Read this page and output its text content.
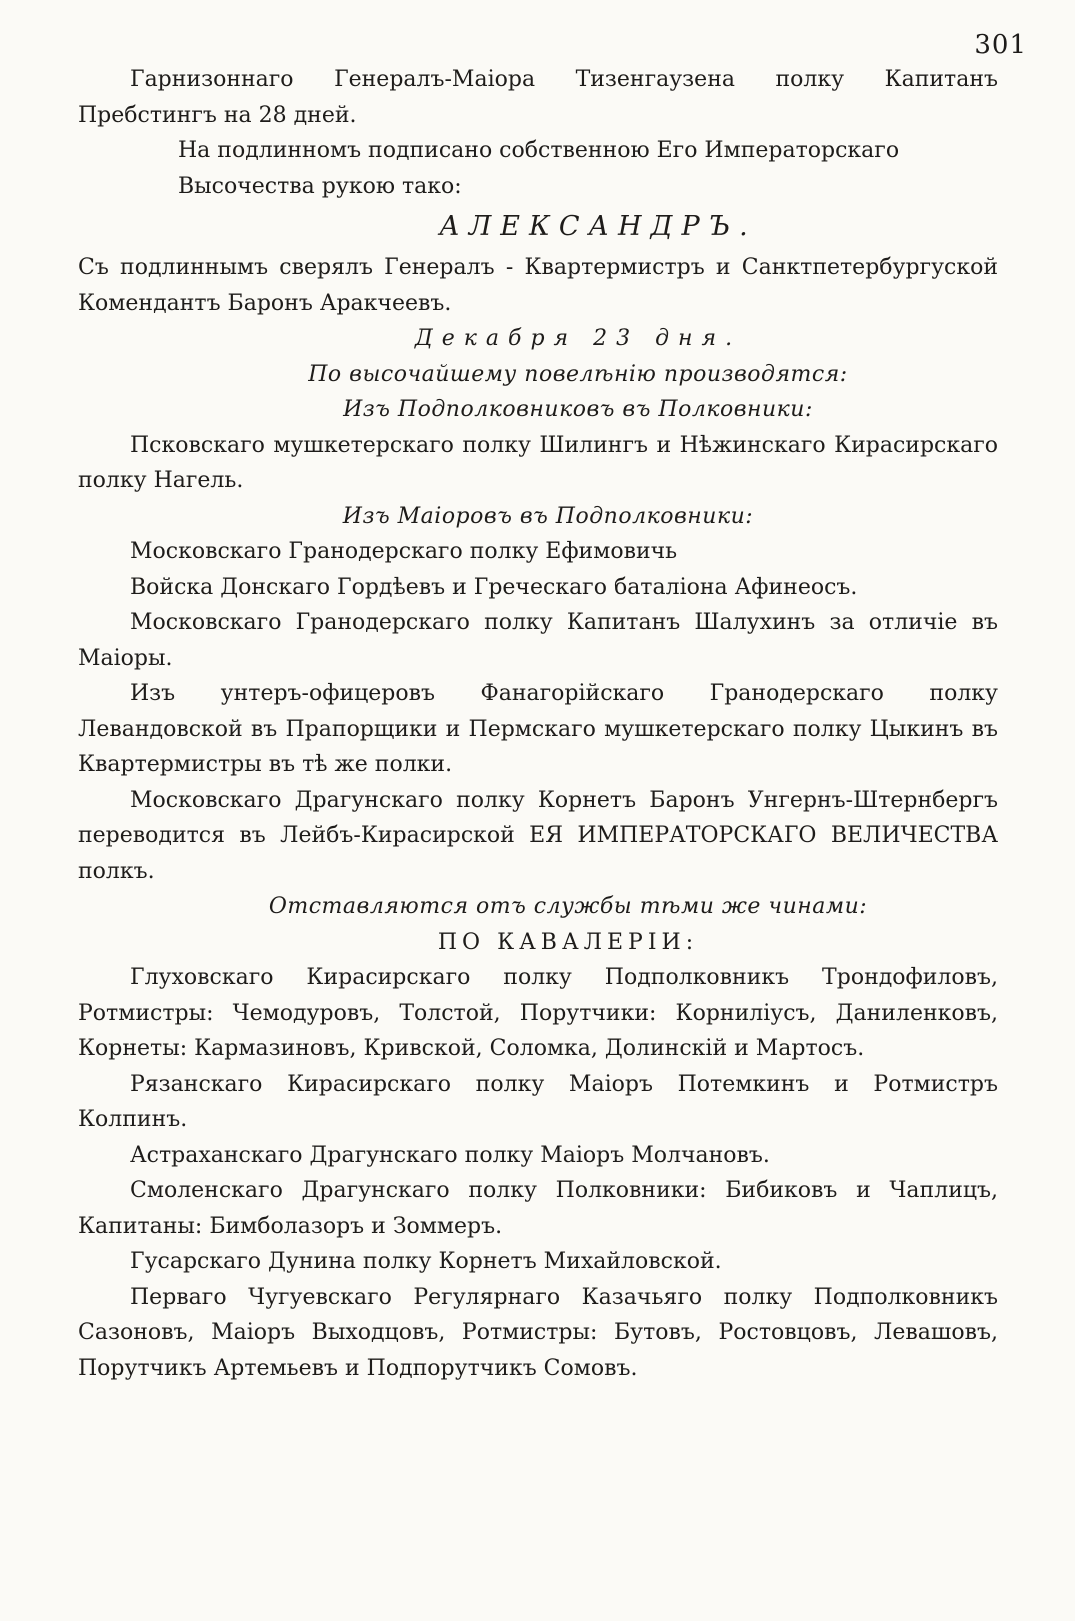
301

Гарнизоннаго Генералъ-Маiора Тизенгаузена полку Капитанъ Пребстингъ на 28 дней.

На подлинномъ подписано собственною Его Императорскаго Высочества рукою тако:

АЛЕКСАНДРЪ.

Съ подлиннымъ сверялъ Генералъ - Квартермистръ и Санктпетербургуской Комендантъ Баронъ Аракчеевъ.

Декабря 23 дня.

По высочайшему повелѣнiю производятся:

Изъ Подполковниковъ въ Полковники:

Псковскаго мушкетерскаго полку Шилингъ и Нѣжинскаго Кирасирскаго полку Нагель.

Изъ Маiоровъ въ Подполковники:

Московскаго Гранодерскаго полку Ефимовичь

Войска Донскаго Гордѣевъ и Греческаго баталiона Афинеосъ.

Московскаго Гранодерскаго полку Капитанъ Шалухинъ за отличiе въ Маiоры.

Изъ унтеръ-офицеровъ Фанагорiйскаго Гранодерскаго полку Левандовской въ Прапорщики и Пермскаго мушкетерскаго полку Цыкинъ въ Квартермистры въ тѣ же полки.

Московскаго Драгунскаго полку Корнетъ Баронъ Унгернъ-Штернбергъ переводится въ Лейбъ-Кирасирской ЕЯ ИМПЕРАТОРСКАГО ВЕЛИЧЕСТВА полкъ.

Отставляются отъ службы тѣми же чинами:

ПО КАВАЛЕРIИ:

Глуховскаго Кирасирскаго полку Подполковникъ Трондофиловъ, Ротмистры: Чемодуровъ, Толстой, Порутчики: Корнилiусъ, Даниленковъ, Корнеты: Кармазиновъ, Кривской, Соломка, Долинскiй и Мартосъ.

Рязанскаго Кирасирскаго полку Маiоръ Потемкинъ и Ротмистръ Колпинъ.

Астраханскаго Драгунскаго полку Маiоръ Молчановъ.

Смоленскаго Драгунскаго полку Полковники: Бибиковъ и Чаплицъ, Капитаны: Бимболазоръ и Зоммеръ.

Гусарскаго Дунина полку Корнетъ Михайловской.

Перваго Чугуевскаго Регулярнаго Казачьяго полку Подполковникъ Сазоновъ, Маiоръ Выходцовъ, Ротмистры: Бутовъ, Ростовцовъ, Левашовъ, Порутчикъ Артемьевъ и Подпорутчикъ Сомовъ.
